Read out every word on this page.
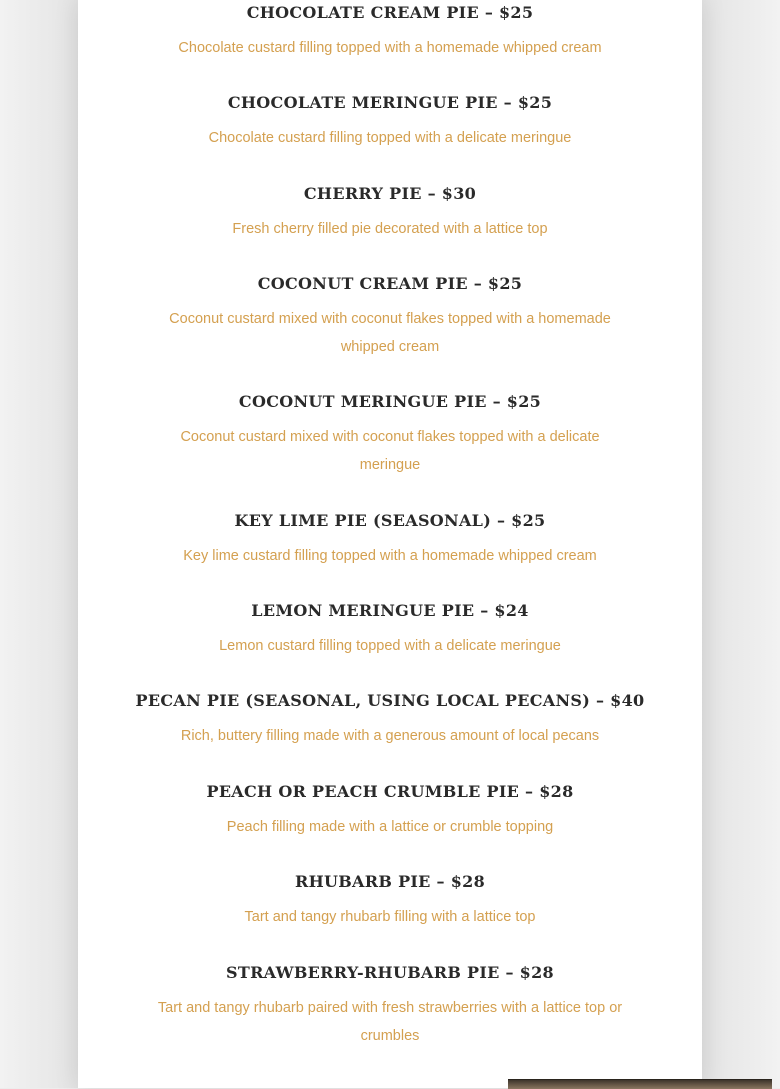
CHOCOLATE CREAM PIE – $25
Chocolate custard filling topped with a homemade whipped cream
CHOCOLATE MERINGUE PIE – $25
Chocolate custard filling topped with a delicate meringue
CHERRY PIE – $30
Fresh cherry filled pie decorated with a lattice top
COCONUT CREAM PIE – $25
Coconut custard mixed with coconut flakes topped with a homemade whipped cream
COCONUT MERINGUE PIE – $25
Coconut custard mixed with coconut flakes topped with a delicate meringue
KEY LIME PIE (SEASONAL) – $25
Key lime custard filling topped with a homemade whipped cream
LEMON MERINGUE PIE – $24
Lemon custard filling topped with a delicate meringue
PECAN PIE (SEASONAL, USING LOCAL PECANS) – $40
Rich, buttery filling made with a generous amount of local pecans
PEACH OR PEACH CRUMBLE PIE – $28
Peach filling made with a lattice or crumble topping
RHUBARB PIE – $28
Tart and tangy rhubarb filling with a lattice top
STRAWBERRY-RHUBARB PIE – $28
Tart and tangy rhubarb paired with fresh strawberries with a lattice top or crumbles
